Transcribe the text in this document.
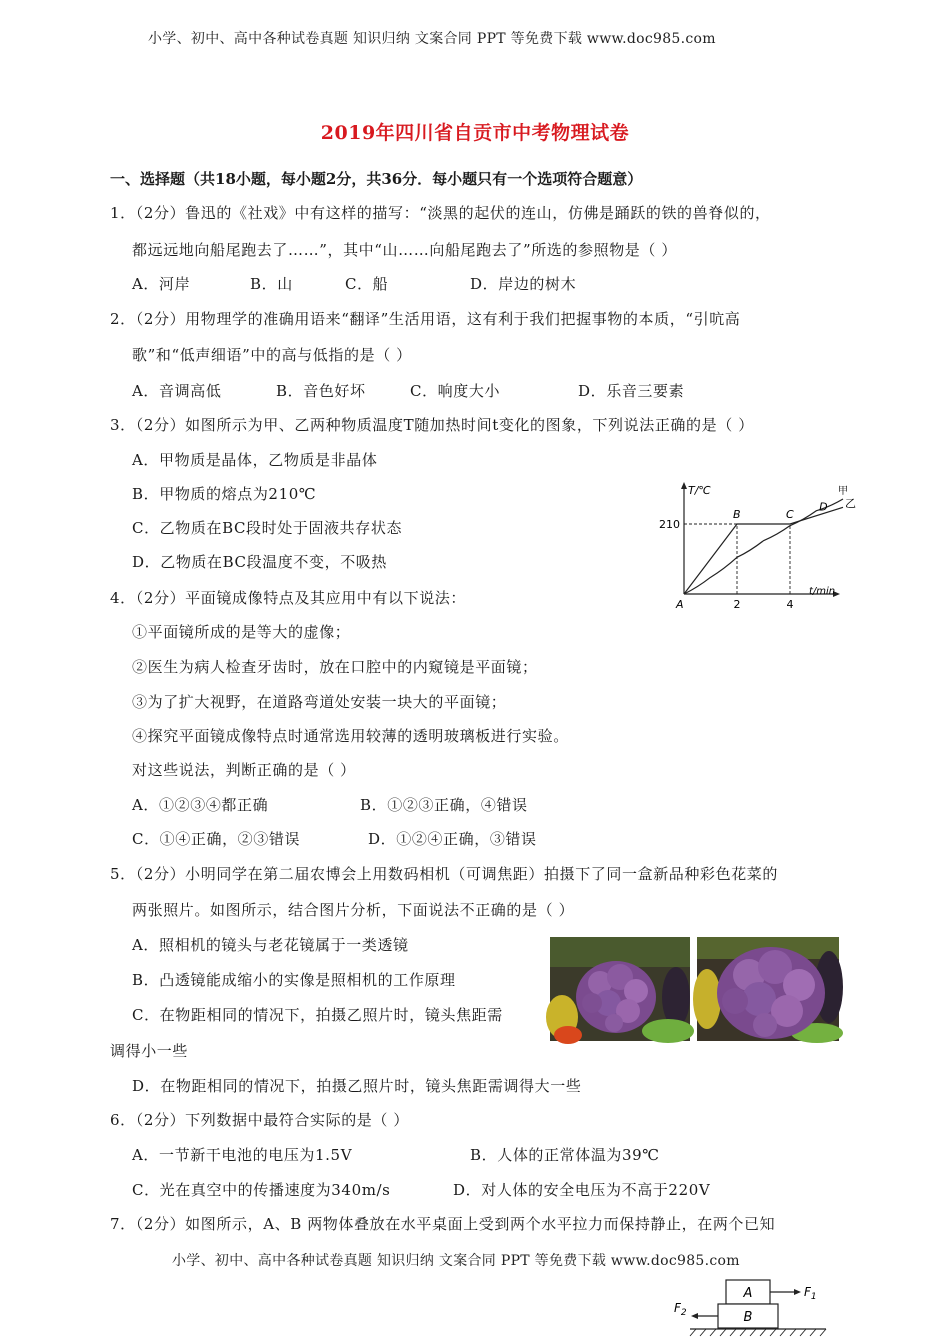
小学、初中、高中各种试卷真题 知识归纳 文案合同 PPT 等免费下载 www.doc985.com
2019年四川省自贡市中考物理试卷
一、选择题（共18小题，每小题2分，共36分．每小题只有一个选项符合题意）
1．（2分）鲁迅的《社戏》中有这样的描写：“淡黑的起伏的连山，仿佛是踊跃的铁的兽脊似的，
都远远地向船尾跑去了……”，其中“山……向船尾跑去了”所选的参照物是（ ）
A．河岸	B．山	C．船	D．岸边的树木
2．（2分）用物理学的准确用语来“翻译”生活用语，这有利于我们把握事物的本质，“引吭高
歌”和“低声细语”中的高与低指的是（ ）
A．音调高低	B．音色好坏	C．响度大小	D．乐音三要素
3．（2分）如图所示为甲、乙两种物质温度T随加热时间t变化的图象，下列说法正确的是（ ）
A．甲物质是晶体，乙物质是非晶体
B．甲物质的熔点为210℃
C．乙物质在BC段时处于固液共存状态
D．乙物质在BC段温度不变，不吸热
T/℃
t/min
210
2	4
A
B	C
D
甲
乙
4．（2分）平面镜成像特点及其应用中有以下说法：
①平面镜所成的是等大的虚像；
②医生为病人检查牙齿时，放在口腔中的内窥镜是平面镜；
③为了扩大视野，在道路弯道处安装一块大的平面镜；
④探究平面镜成像特点时通常选用较薄的透明玻璃板进行实验。
对这些说法，判断正确的是（ ）
A．①②③④都正确	B．①②③正确，④错误
C．①④正确，②③错误	D．①②④正确，③错误
5．（2分）小明同学在第二届农博会上用数码相机（可调焦距）拍摄下了同一盒新品种彩色花菜的
两张照片。如图所示，结合图片分析，下面说法不正确的是（ ）
A．照相机的镜头与老花镜属于一类透镜
B．凸透镜能成缩小的实像是照相机的工作原理
C．在物距相同的情况下，拍摄乙照片时，镜头焦距需
调得小一些
D．在物距相同的情况下，拍摄乙照片时，镜头焦距需调得大一些
6．（2分）下列数据中最符合实际的是（ ）
A．一节新干电池的电压为1.5V	B．人体的正常体温为39℃
C．光在真空中的传播速度为340m/s	D．对人体的安全电压为不高于220V
7．（2分）如图所示，A、B 两物体叠放在水平桌面上受到两个水平拉力而保持静止，在两个已知
小学、初中、高中各种试卷真题 知识归纳 文案合同 PPT 等免费下载 www.doc985.com
A
B
$F_1$
$F_2$
